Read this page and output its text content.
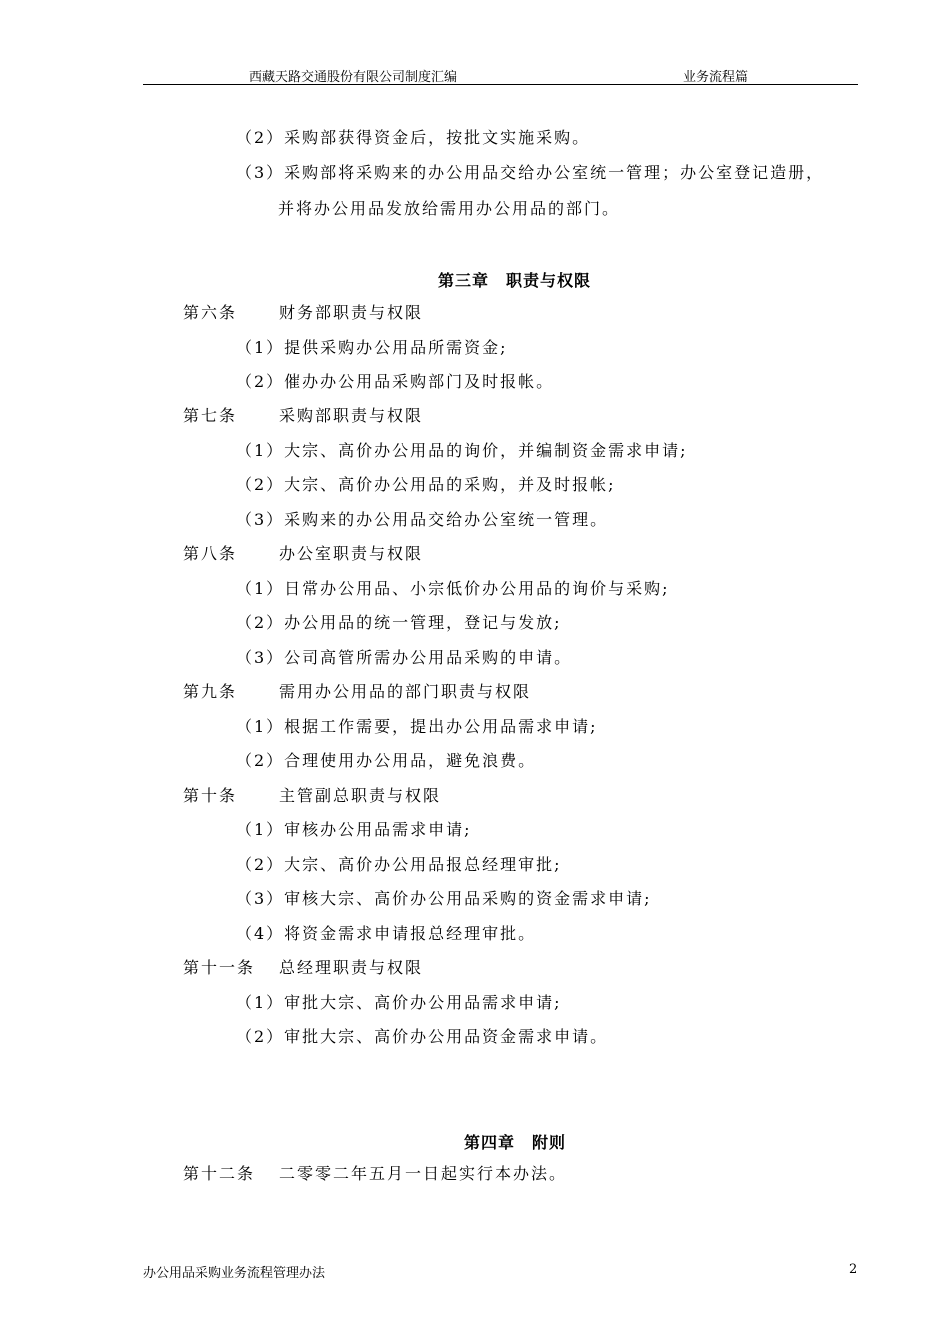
西藏天路交通股份有限公司制度汇编	业务流程篇
（2）采购部获得资金后，按批文实施采购。
（3）采购部将采购来的办公用品交给办公室统一管理；办公室登记造册，
并将办公用品发放给需用办公用品的部门。
第三章　职责与权限
第六条	财务部职责与权限
（1）提供采购办公用品所需资金;
（2）催办办公用品采购部门及时报帐。
第七条	采购部职责与权限
（1）大宗、高价办公用品的询价，并编制资金需求申请;
（2）大宗、高价办公用品的采购，并及时报帐;
（3）采购来的办公用品交给办公室统一管理。
第八条	办公室职责与权限
（1）日常办公用品、小宗低价办公用品的询价与采购;
（2）办公用品的统一管理，登记与发放;
（3）公司高管所需办公用品采购的申请。
第九条	需用办公用品的部门职责与权限
（1）根据工作需要，提出办公用品需求申请;
（2）合理使用办公用品，避免浪费。
第十条	主管副总职责与权限
（1）审核办公用品需求申请;
（2）大宗、高价办公用品报总经理审批;
（3）审核大宗、高价办公用品采购的资金需求申请;
（4）将资金需求申请报总经理审批。
第十一条 总经理职责与权限
（1）审批大宗、高价办公用品需求申请;
（2）审批大宗、高价办公用品资金需求申请。
第四章　附则
第十二条 二零零二年五月一日起实行本办法。
办公用品采购业务流程管理办法	2
